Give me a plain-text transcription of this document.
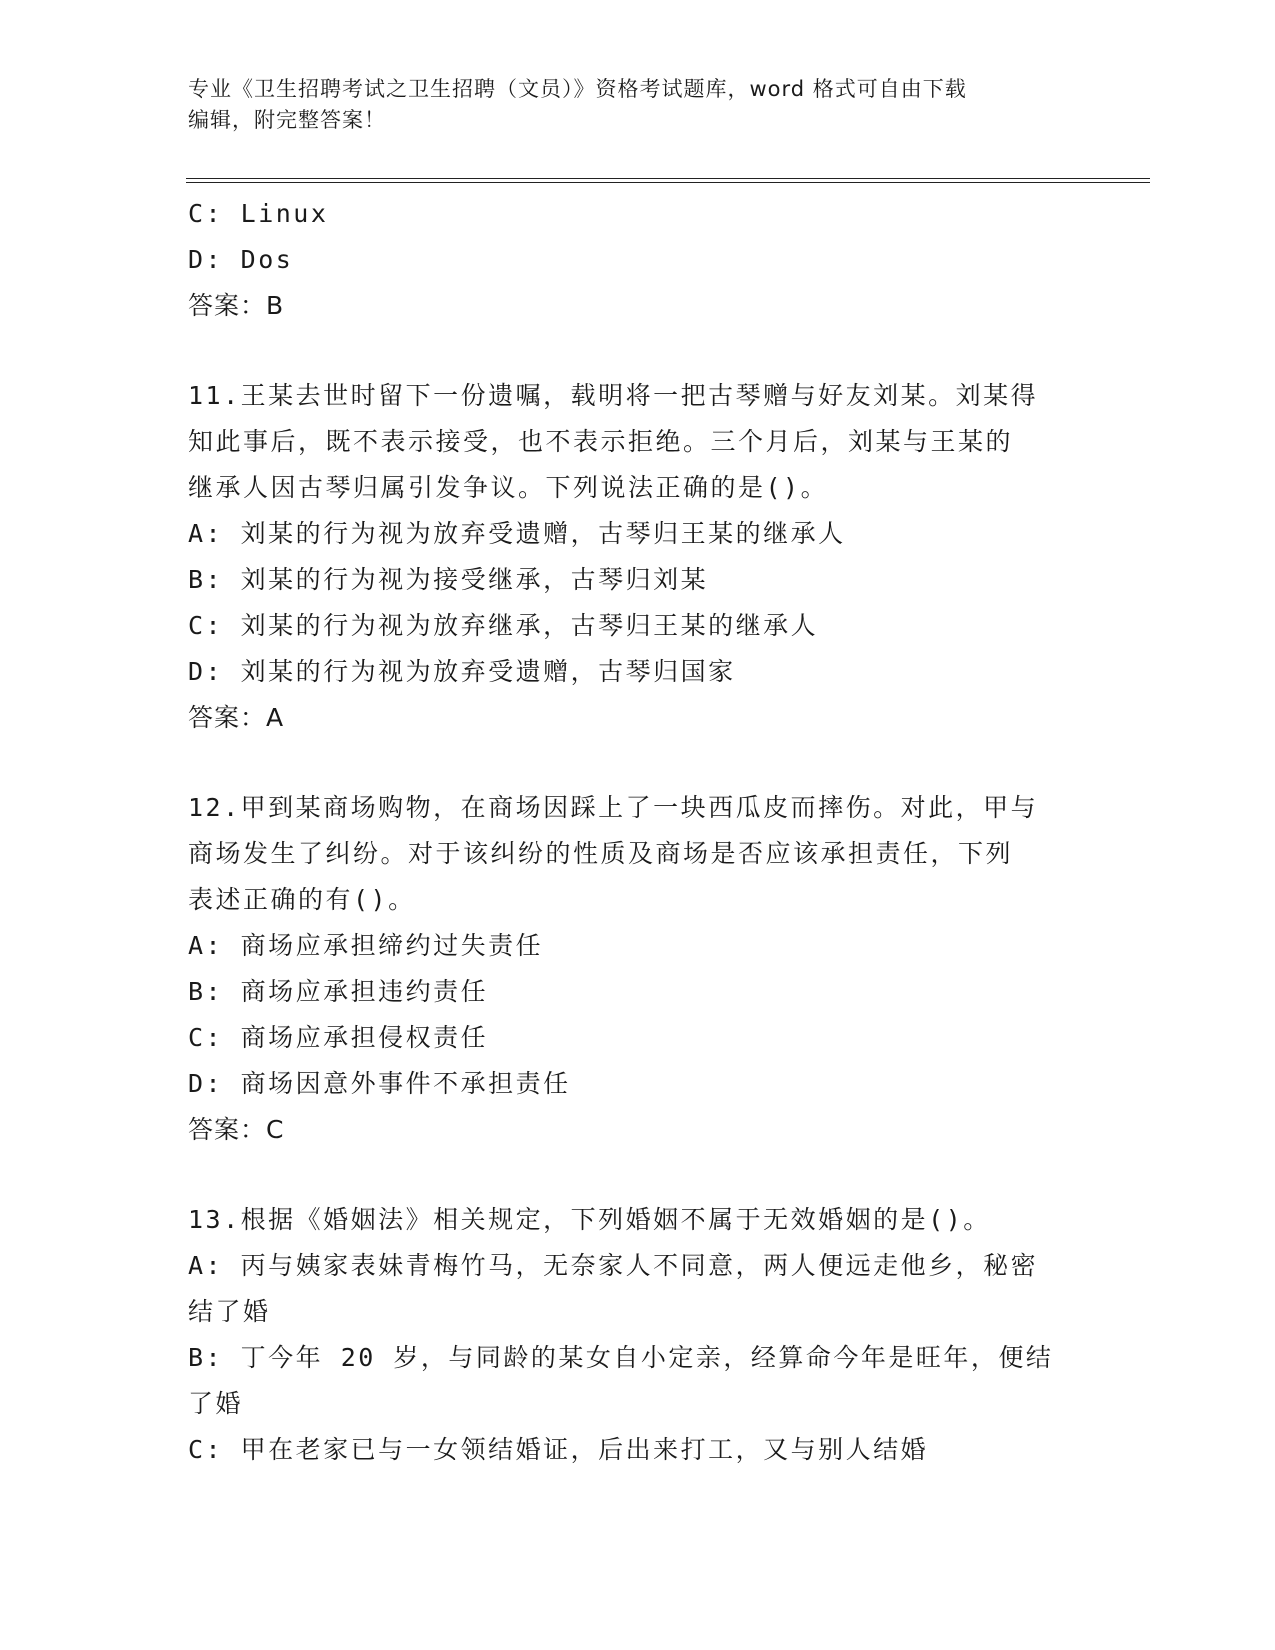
专业《卫生招聘考试之卫生招聘（文员）》资格考试题库，word 格式可自由下载
编辑，附完整答案！
C: Linux
D: Dos
答案：B
11.王某去世时留下一份遗嘱，载明将一把古琴赠与好友刘某。刘某得
知此事后，既不表示接受，也不表示拒绝。三个月后，刘某与王某的
继承人因古琴归属引发争议。下列说法正确的是()。
A: 刘某的行为视为放弃受遗赠，古琴归王某的继承人
B: 刘某的行为视为接受继承，古琴归刘某
C: 刘某的行为视为放弃继承，古琴归王某的继承人
D: 刘某的行为视为放弃受遗赠，古琴归国家
答案：A
12.甲到某商场购物，在商场因踩上了一块西瓜皮而摔伤。对此，甲与
商场发生了纠纷。对于该纠纷的性质及商场是否应该承担责任，下列
表述正确的有()。
A: 商场应承担缔约过失责任
B: 商场应承担违约责任
C: 商场应承担侵权责任
D: 商场因意外事件不承担责任
答案：C
13.根据《婚姻法》相关规定，下列婚姻不属于无效婚姻的是()。
A: 丙与姨家表妹青梅竹马，无奈家人不同意，两人便远走他乡，秘密
结了婚
B: 丁今年 20 岁，与同龄的某女自小定亲，经算命今年是旺年，便结
了婚
C: 甲在老家已与一女领结婚证，后出来打工，又与别人结婚
